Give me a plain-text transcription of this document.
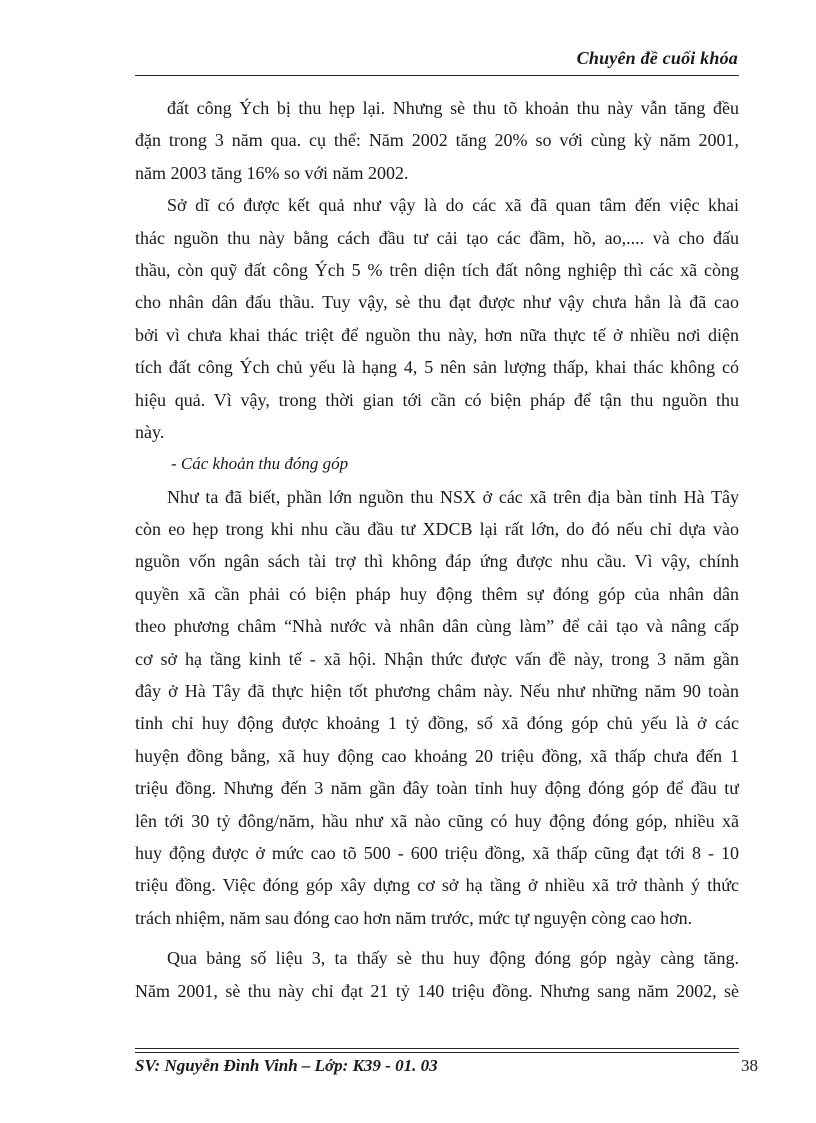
Chuyên đề cuối khóa
đất công Ých bị thu hẹp lại. Nhưng sè thu tõ khoản thu này vẫn tăng đều
đặn trong 3 năm qua. cụ thể: Năm 2002 tăng 20% so với cùng kỳ năm 2001,
năm 2003 tăng 16% so với năm 2002.
Sở dĩ có được kết quả như vậy là do các xã đã quan tâm đến việc khai
thác nguồn thu này bằng cách đầu tư cải tạo các đầm, hồ, ao,.... và cho đấu
thầu, còn quỹ đất công Ých 5 % trên diện tích đất nông nghiệp thì các xã còng
cho nhân dân đấu thầu. Tuy vậy, sè thu đạt được như vậy chưa hẳn là đã cao
bởi vì chưa khai thác triệt để nguồn thu này, hơn nữa thực tế ở nhiều nơi diện
tích đất công Ých chủ yếu là hạng 4, 5 nên sản lượng thấp, khai thác không có
hiệu quả. Vì vậy, trong thời gian tới cần có biện pháp để tận thu nguồn thu
này.
- Các khoản thu đóng góp
Như ta đã biết, phần lớn nguồn thu NSX ở các xã trên địa bàn tỉnh Hà Tây
còn eo hẹp trong khi nhu cầu đầu tư XDCB lại rất lớn, do đó nếu chỉ dựa vào
nguồn vốn ngân sách tài trợ thì không đáp ứng được nhu cầu. Vì vậy, chính
quyền xã cần phải có biện pháp huy động thêm sự đóng góp của nhân dân
theo phương châm “Nhà nước và nhân dân cùng làm” để cải tạo và nâng cấp
cơ sở hạ tầng kinh tế - xã hội. Nhận thức được vấn đề này, trong 3 năm gần
đây ở Hà Tây đã thực hiện tốt phương châm này. Nếu như những năm 90 toàn
tỉnh chỉ huy động được khoảng 1 tỷ đồng, số xã đóng góp chủ yếu là ở các
huyện đồng bằng, xã huy động cao khoảng 20 triệu đồng, xã thấp chưa đến 1
triệu đồng. Nhưng đến 3 năm gần đây toàn tỉnh huy động đóng góp để đầu tư
lên tới 30 tỷ đông/năm, hầu như xã nào cũng có huy động đóng góp, nhiều xã
huy động được ở mức cao tõ 500 - 600 triệu đồng, xã thấp cũng đạt tới 8 - 10
triệu đồng. Việc đóng góp xây dựng cơ sở hạ tầng ở nhiều xã trở thành ý thức
trách nhiệm, năm sau đóng cao hơn năm trước, mức tự nguyện còng cao hơn.
Qua bảng số liệu 3, ta thấy sè thu huy động đóng góp ngày càng tăng.
Năm 2001, sè thu này chỉ đạt 21 tỷ 140 triệu đồng. Nhưng sang năm 2002, sè
SV: Nguyễn Đình Vinh – Lớp: K39 - 01. 03	38
